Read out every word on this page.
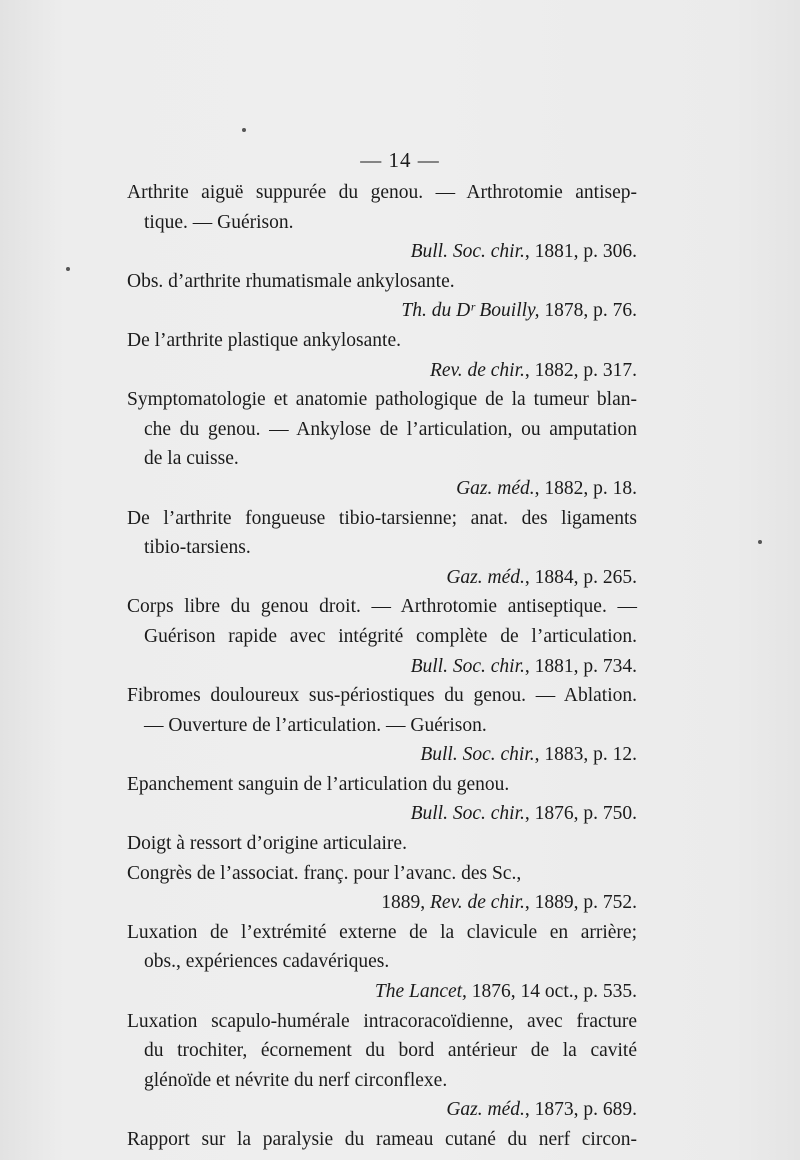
— 14 —
Arthrite aiguë suppurée du genou. — Arthrotomie antisep-
tique. — Guérison.
Bull. Soc. chir., 1881, p. 306.
Obs. d’arthrite rhumatismale ankylosante.
Th. du Dʳ Bouilly, 1878, p. 76.
De l’arthrite plastique ankylosante.
Rev. de chir., 1882, p. 317.
Symptomatologie et anatomie pathologique de la tumeur blan-
che du genou. — Ankylose de l’articulation, ou amputation
de la cuisse.
Gaz. méd., 1882, p. 18.
De l’arthrite fongueuse tibio-tarsienne; anat. des ligaments
tibio-tarsiens.
Gaz. méd., 1884, p. 265.
Corps libre du genou droit. — Arthrotomie antiseptique. —
Guérison rapide avec intégrité complète de l’articulation.
Bull. Soc. chir., 1881, p. 734.
Fibromes douloureux sus-périostiques du genou. — Ablation.
— Ouverture de l’articulation. — Guérison.
Bull. Soc. chir., 1883, p. 12.
Epanchement sanguin de l’articulation du genou.
Bull. Soc. chir., 1876, p. 750.
Doigt à ressort d’origine articulaire.
Congrès de l’associat. franç. pour l’avanc. des Sc.,
1889, Rev. de chir., 1889, p. 752.
Luxation de l’extrémité externe de la clavicule en arrière;
obs., expériences cadavériques.
The Lancet, 1876, 14 oct., p. 535.
Luxation scapulo-humérale intracoracoïdienne, avec fracture
du trochiter, écornement du bord antérieur de la cavité
glénoïde et névrite du nerf circonflexe.
Gaz. méd., 1873, p. 689.
Rapport sur la paralysie du rameau cutané du nerf circon-
